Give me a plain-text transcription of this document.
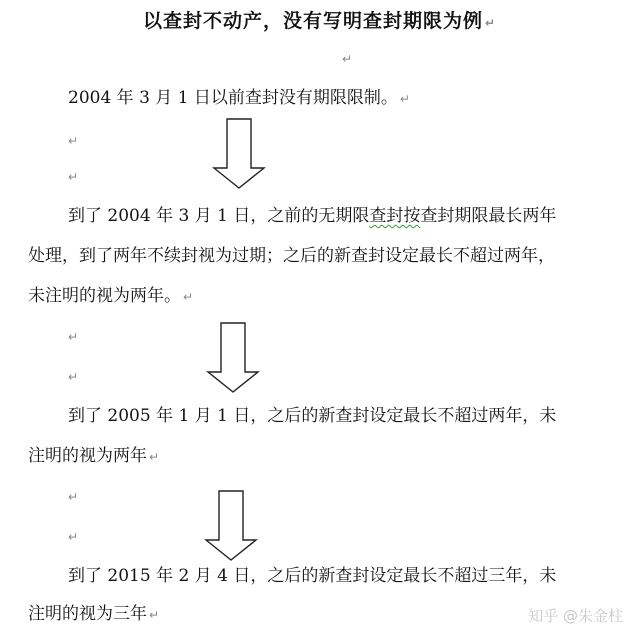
以查封不动产，没有写明查封期限为例 ↵
↵
2004 年 3 月 1 日以前查封没有期限限制。 ↵
↵
↵
到了 2004 年 3 月 1 日，之前的无期限查封按查封期限最长两年
处理，到了两年不续封视为过期；之后的新查封设定最长不超过两年，
未注明的视为两年。 ↵
↵
↵
到了 2005 年 1 月 1 日，之后的新查封设定最长不超过两年，未
注明的视为两年 ↵
↵
↵
到了 2015 年 2 月 4 日，之后的新查封设定最长不超过三年，未
注明的视为三年 ↵	知乎 @朱金柱
